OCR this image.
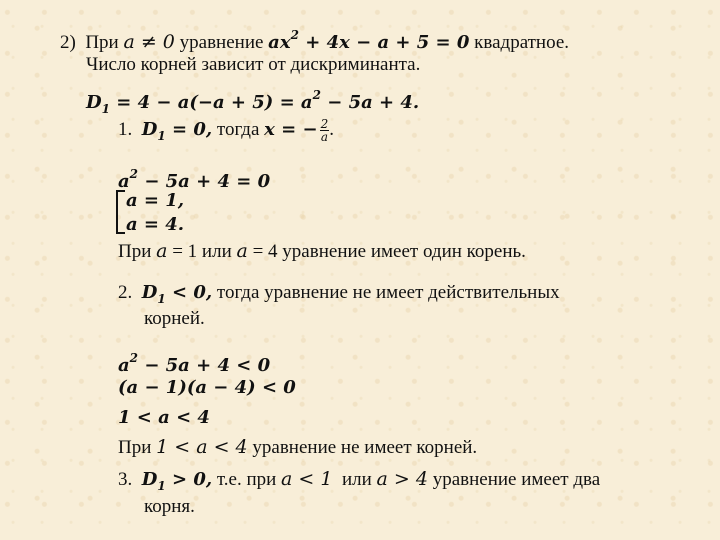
2) При a ≠ 0 уравнение $ax^2 + 4x - a + 5 = 0$ квадратное.
Число корней зависит от дискриминанта.
$D_1 = 4 - a(-a + 5) = a^2 - 5a + 4$.
1. $D_1 = 0$, тогда x = − $\frac{2}{a}$ .
$a^2 - 5a + 4 = 0$
a = 1,
a = 4.
При a = 1 или a = 4 уравнение имеет один корень.
2. $D_1 < 0$, тогда уравнение не имеет действительных
корней.
$a^2 - 5a + 4 < 0$
(a − 1)(a − 4) < 0
1 < a < 4
При 1 < a < 4 уравнение не имеет корней.
3. $D_1 > 0$, т.е. при a < 1 или a > 4 уравнение имеет два
корня.
